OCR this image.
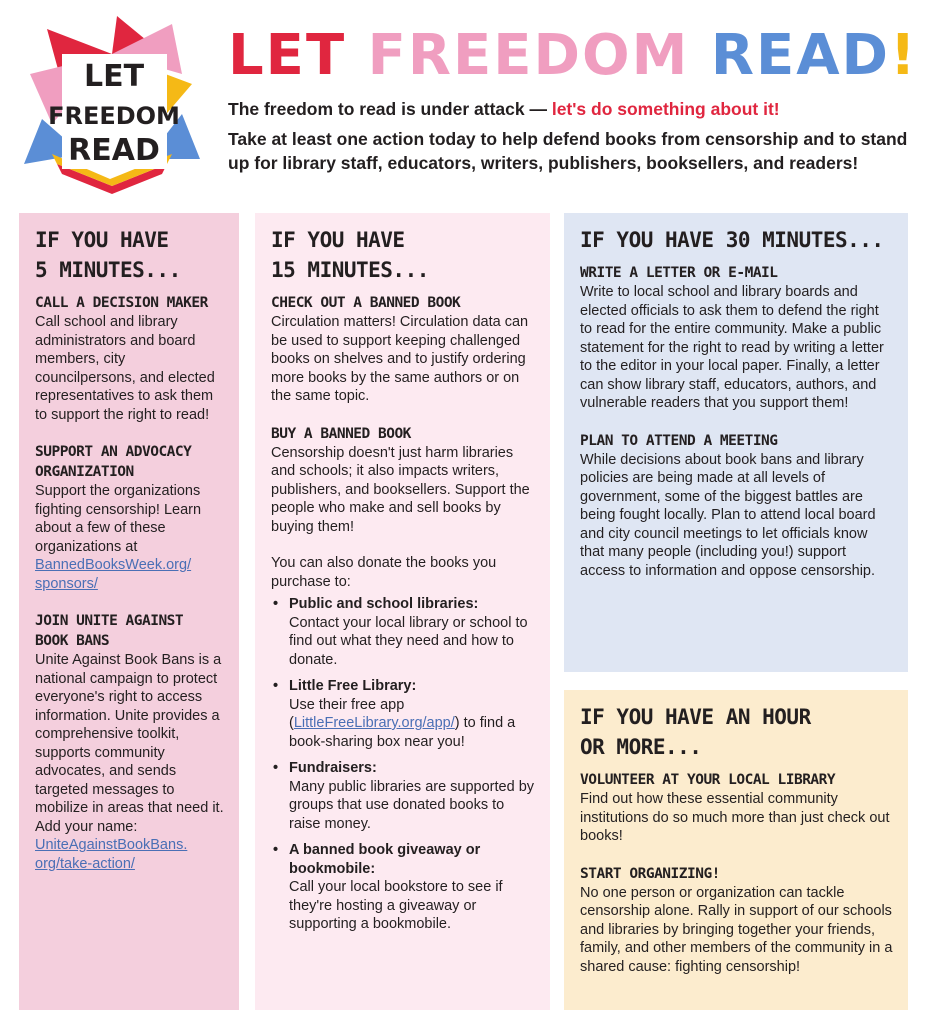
LET
FREEDOM
READ
LET FREEDOM READ!
The freedom to read is under attack — let's do something about it!
Take at least one action today to help defend books from censorship and to stand up for library staff, educators, writers, publishers, booksellers, and readers!
IF YOU HAVE
5 MINUTES...
CALL A DECISION MAKER
Call school and library administrators and board members, city councilpersons, and elected representatives to ask them to support the right to read!
SUPPORT AN ADVOCACY ORGANIZATION
Support the organizations fighting censorship! Learn about a few of these organizations at BannedBooksWeek.org/ sponsors/
JOIN UNITE AGAINST BOOK BANS
Unite Against Book Bans is a national campaign to protect everyone's right to access information. Unite provides a comprehensive toolkit, supports community advocates, and sends targeted messages to mobilize in areas that need it. Add your name: UniteAgainstBookBans. org/take-action/
IF YOU HAVE
15 MINUTES...
CHECK OUT A BANNED BOOK
Circulation matters! Circulation data can be used to support keeping challenged books on shelves and to justify ordering more books by the same authors or on the same topic.
BUY A BANNED BOOK
Censorship doesn't just harm libraries and schools; it also impacts writers, publishers, and booksellers. Support the people who make and sell books by buying them!
You can also donate the books you purchase to:
• Public and school libraries:
Contact your local library or school to find out what they need and how to donate.
• Little Free Library:
Use their free app (LittleFreeLibrary.org/app/) to find a book-sharing box near you!
• Fundraisers:
Many public libraries are supported by groups that use donated books to raise money.
• A banned book giveaway or bookmobile:
Call your local bookstore to see if they're hosting a giveaway or supporting a bookmobile.
IF YOU HAVE 30 MINUTES...
WRITE A LETTER OR E-MAIL
Write to local school and library boards and elected officials to ask them to defend the right to read for the entire community. Make a public statement for the right to read by writing a letter to the editor in your local paper. Finally, a letter can show library staff, educators, authors, and vulnerable readers that you support them!
PLAN TO ATTEND A MEETING
While decisions about book bans and library policies are being made at all levels of government, some of the biggest battles are being fought locally. Plan to attend local board and city council meetings to let officials know that many people (including you!) support access to information and oppose censorship.
IF YOU HAVE AN HOUR
OR MORE...
VOLUNTEER AT YOUR LOCAL LIBRARY
Find out how these essential community institutions do so much more than just check out books!
START ORGANIZING!
No one person or organization can tackle censorship alone. Rally in support of our schools and libraries by bringing together your friends, family, and other members of the community in a shared cause: fighting censorship!
